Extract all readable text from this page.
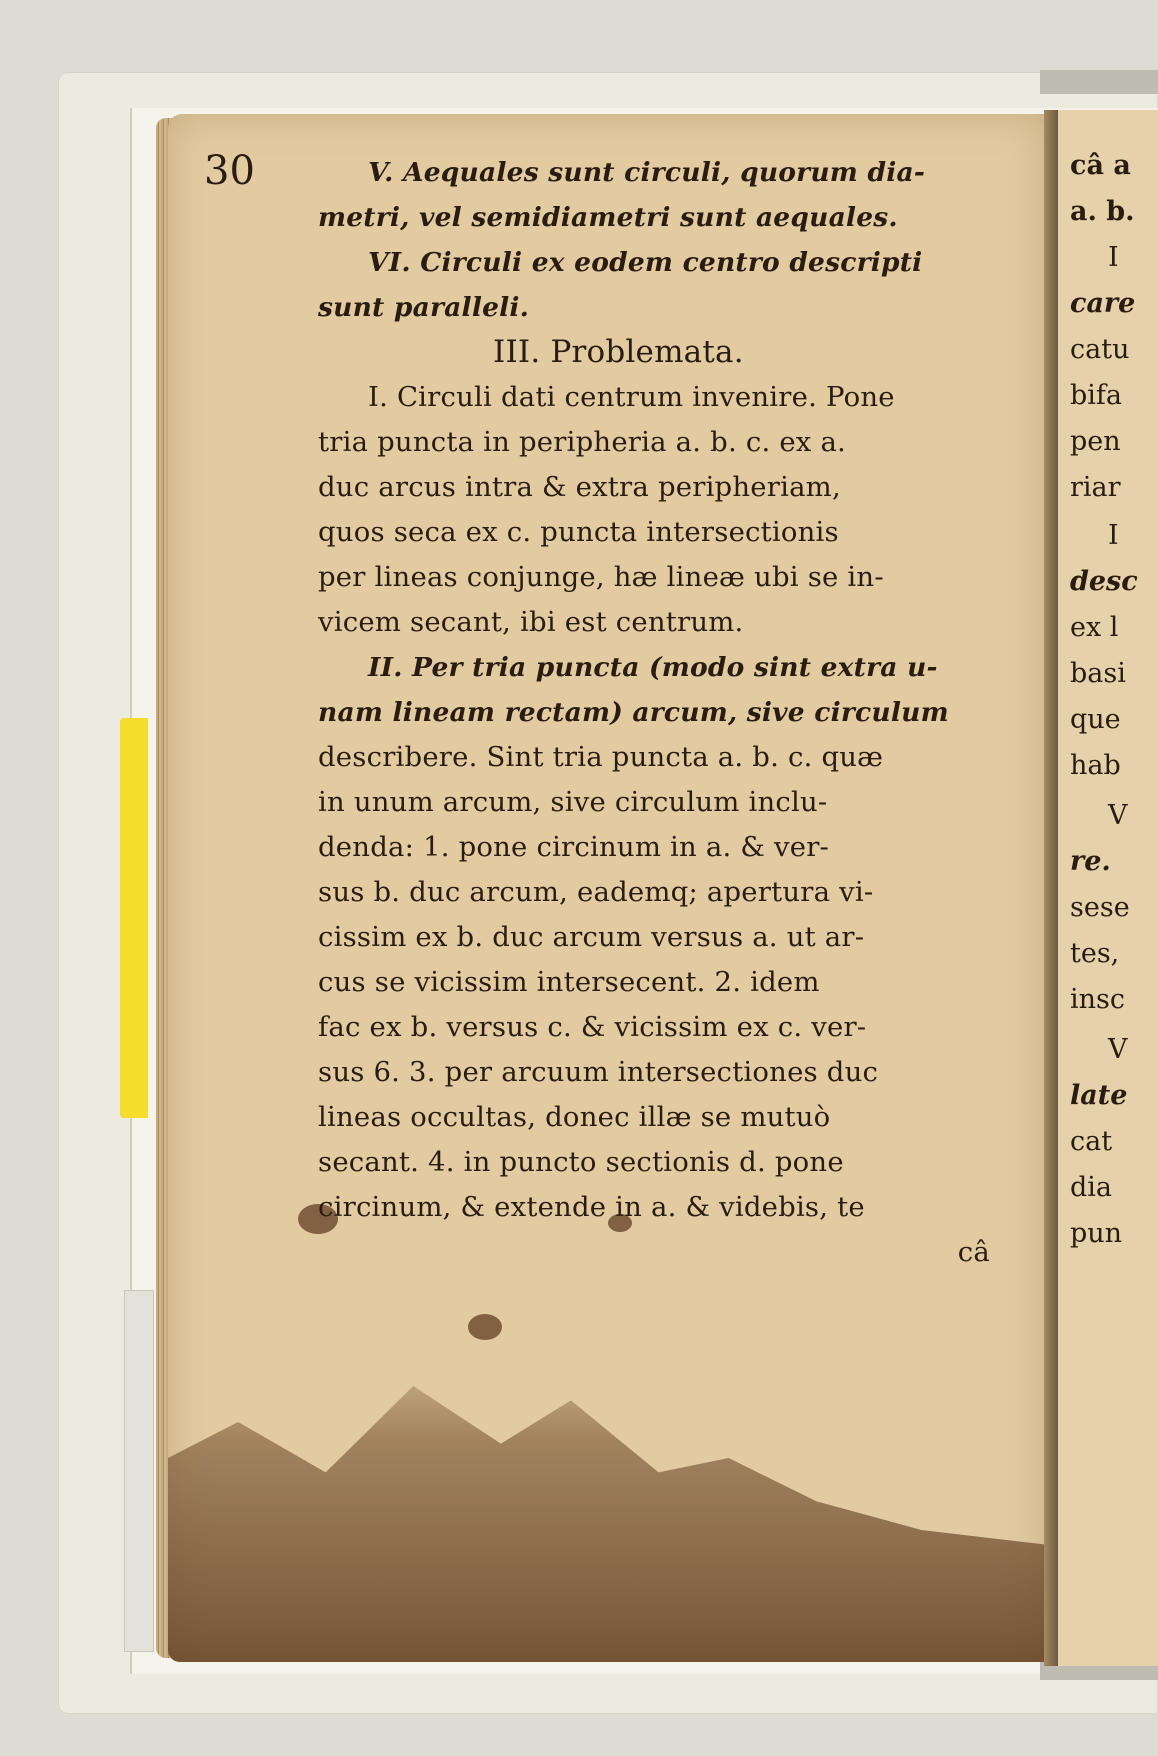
30	V. Aequales sunt circuli, quorum dia-
metri, vel semidiametri sunt aequales.
VI. Circuli ex eodem centro descripti
sunt paralleli.
III. Problemata.
I. Circuli dati centrum invenire. Pone
tria puncta in peripheria a. b. c. ex a.
duc arcus intra & extra peripheriam,
quos seca ex c. puncta intersectionis
per lineas conjunge, hæ lineæ ubi se in-
vicem secant, ibi est centrum.
II. Per tria puncta (modo sint extra u-
nam lineam rectam) arcum, sive circulum
describere. Sint tria puncta a. b. c. quæ
in unum arcum, sive circulum inclu-
denda: 1. pone circinum in a. & ver-
sus b. duc arcum, eademq; apertura vi-
cissim ex b. duc arcum versus a. ut ar-
cus se vicissim intersecent. 2. idem
fac ex b. versus c. & vicissim ex c. ver-
sus 6. 3. per arcuum intersectiones duc
lineas occultas, donec illæ se mutuò
secant. 4. in puncto sectionis d. pone
circinum, & extende in a. & videbis, te
câ
câ a
a. b.
I
care
catu
bifa
pen
riar
I
desc
ex l
basi
que
hab
V
re.
sese
tes,
insc
V
late
cat
dia
pun
